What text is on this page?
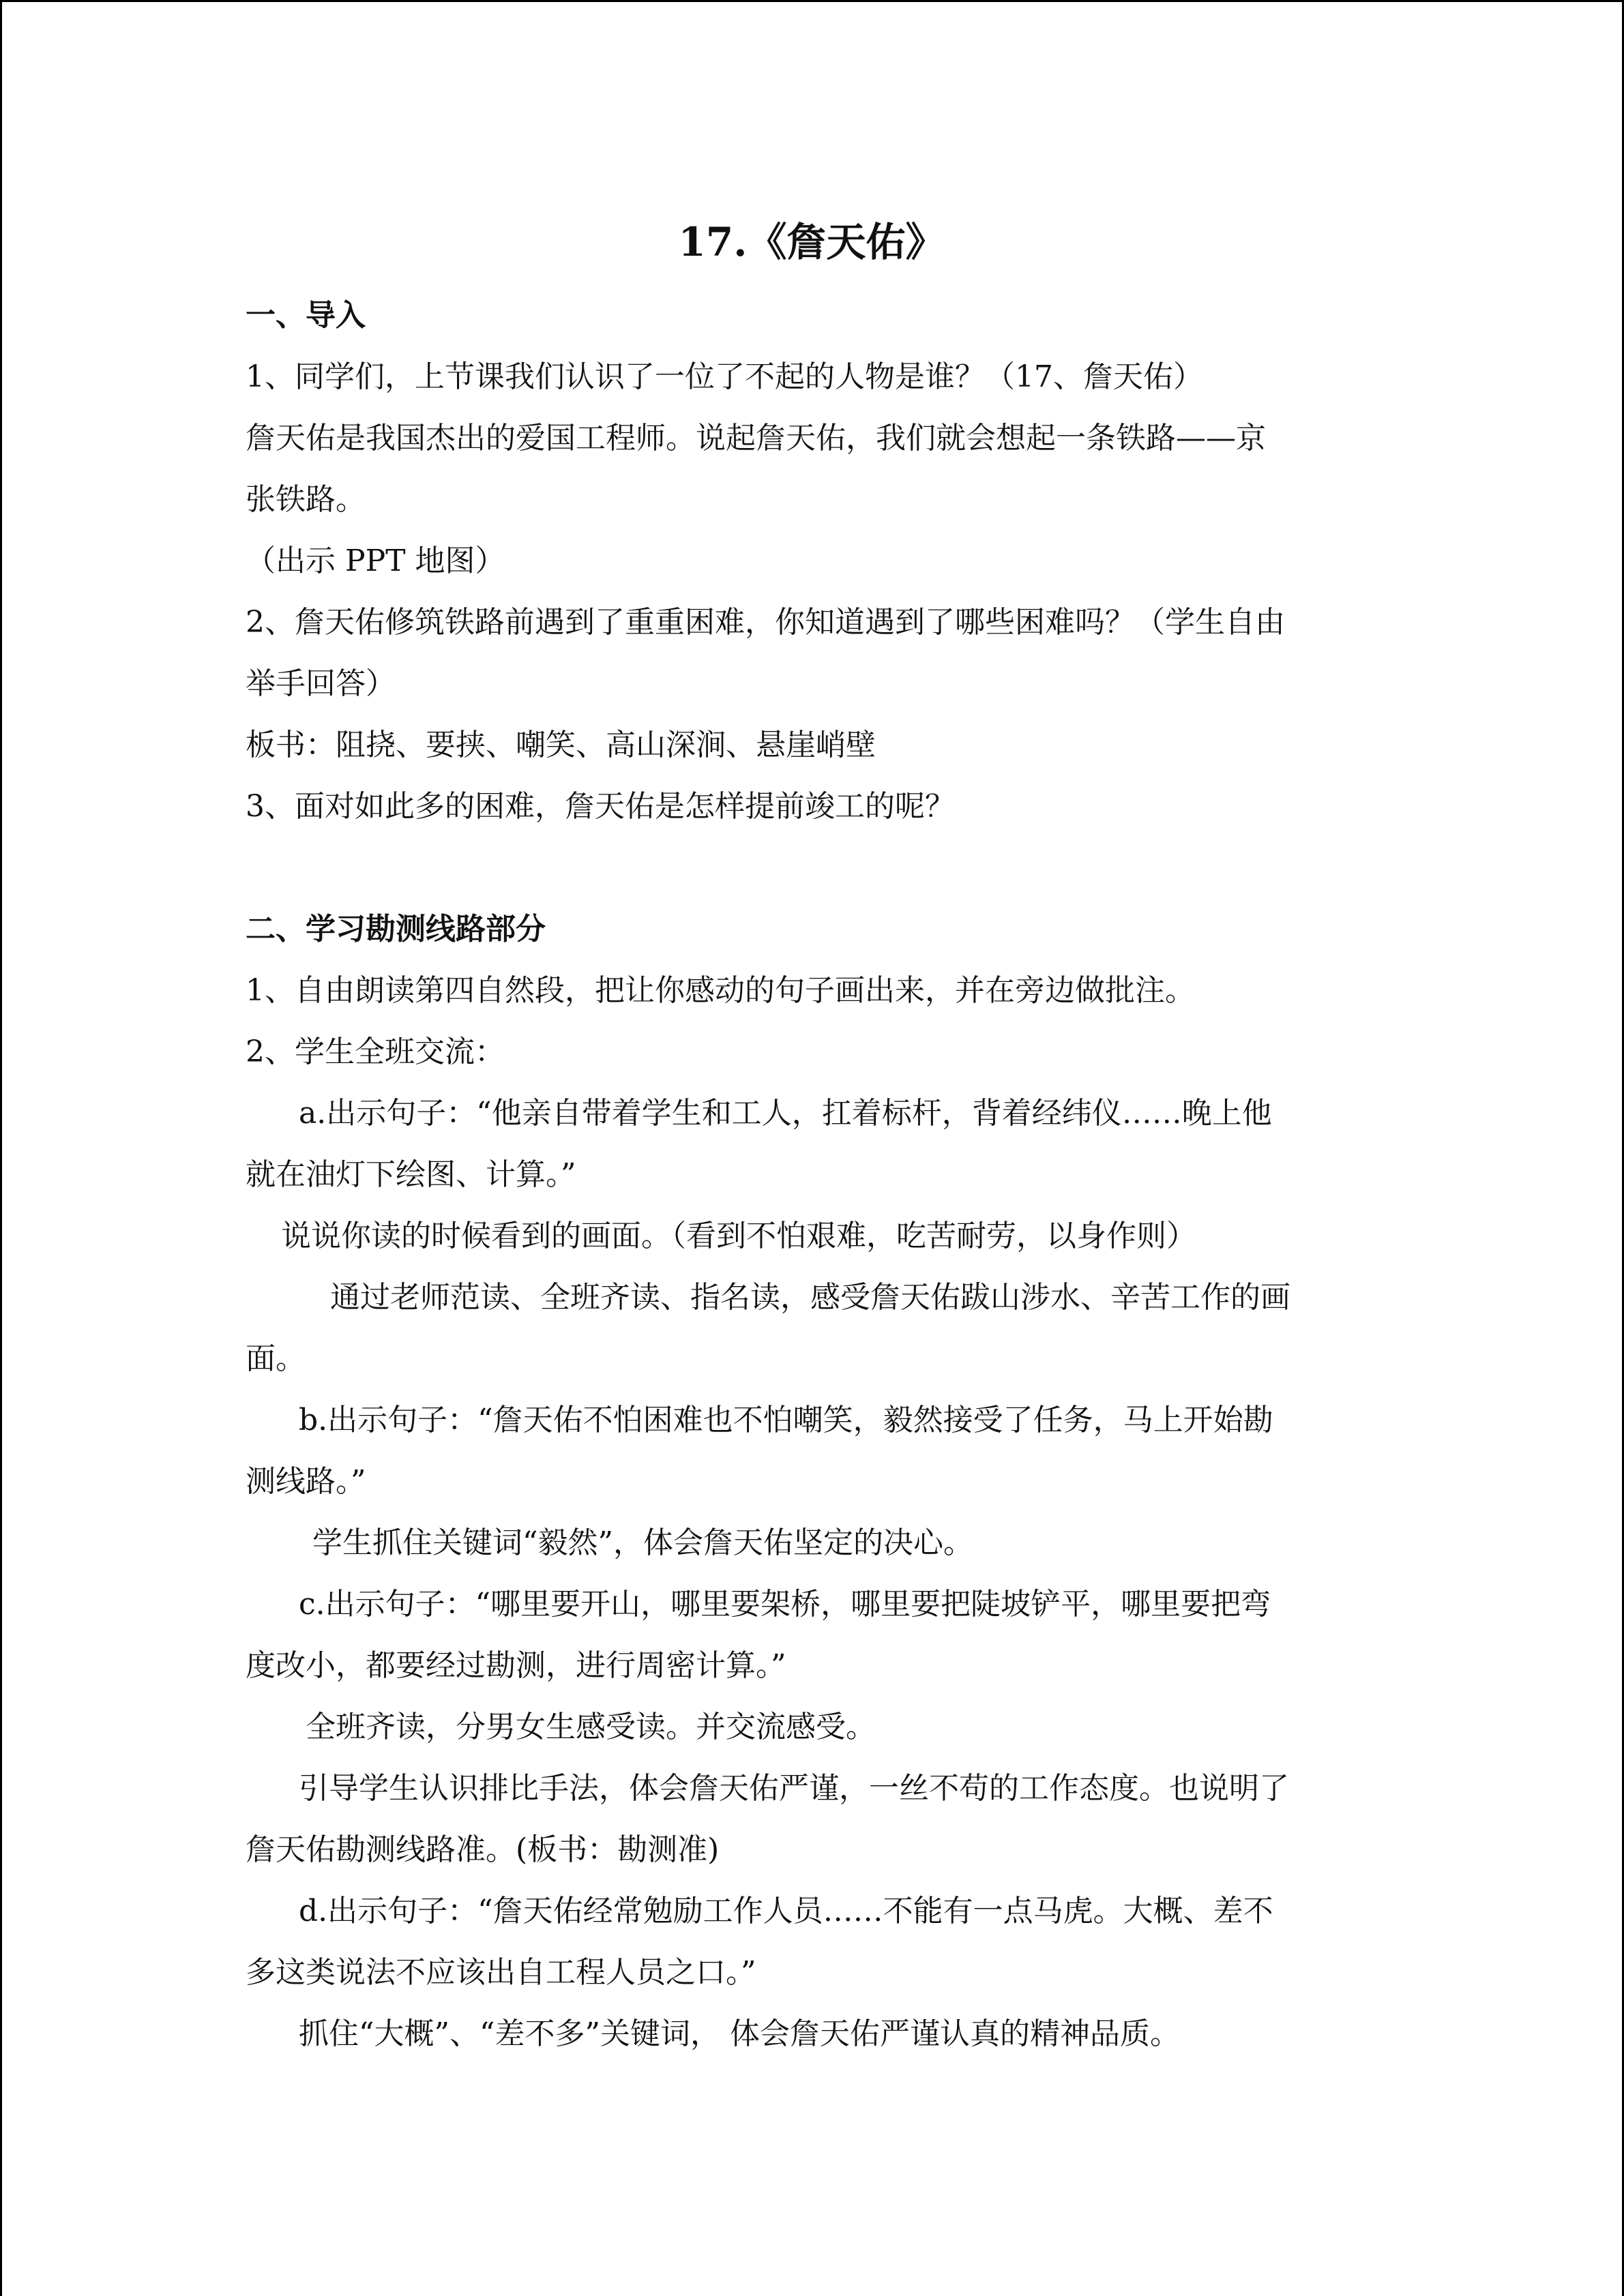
17.《詹天佑》
一、导入
1、同学们，上节课我们认识了一位了不起的人物是谁？（17、詹天佑）
詹天佑是我国杰出的爱国工程师。说起詹天佑，我们就会想起一条铁路——京
张铁路。
（出示 PPT 地图）
2、詹天佑修筑铁路前遇到了重重困难，你知道遇到了哪些困难吗？（学生自由
举手回答）
板书：阻挠、要挟、嘲笑、高山深涧、悬崖峭壁
3、面对如此多的困难，詹天佑是怎样提前竣工的呢？
二、学习勘测线路部分
1、自由朗读第四自然段，把让你感动的句子画出来，并在旁边做批注。
2、学生全班交流：
a.出示句子：“他亲自带着学生和工人，扛着标杆，背着经纬仪……晚上他
就在油灯下绘图、计算。”
说说你读的时候看到的画面。（看到不怕艰难，吃苦耐劳，以身作则）
通过老师范读、全班齐读、指名读，感受詹天佑跋山涉水、辛苦工作的画
面。
b.出示句子：“詹天佑不怕困难也不怕嘲笑，毅然接受了任务，马上开始勘
测线路。”
学生抓住关键词“毅然”，体会詹天佑坚定的决心。
c.出示句子：“哪里要开山，哪里要架桥，哪里要把陡坡铲平，哪里要把弯
度改小，都要经过勘测，进行周密计算。”
全班齐读，分男女生感受读。并交流感受。
引导学生认识排比手法，体会詹天佑严谨，一丝不苟的工作态度。也说明了
詹天佑勘测线路准。(板书：勘测准)
d.出示句子：“詹天佑经常勉励工作人员……不能有一点马虎。大概、差不
多这类说法不应该出自工程人员之口。”
抓住“大概”、“差不多”关键词， 体会詹天佑严谨认真的精神品质。
